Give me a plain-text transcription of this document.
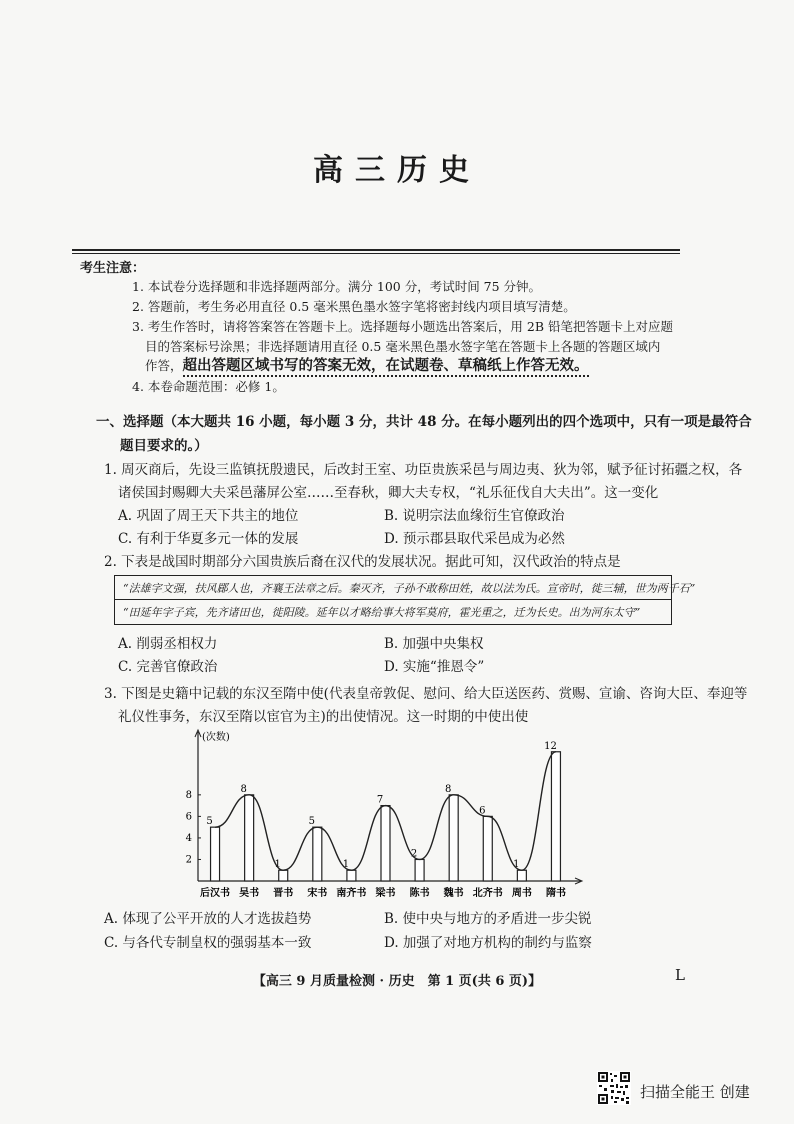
高三历史
考生注意：
1. 本试卷分选择题和非选择题两部分。满分 100 分，考试时间 75 分钟。
2. 答题前，考生务必用直径 0.5 毫米黑色墨水签字笔将密封线内项目填写清楚。
3. 考生作答时，请将答案答在答题卡上。选择题每小题选出答案后，用 2B 铅笔把答题卡上对应题
目的答案标号涂黑；非选择题请用直径 0.5 毫米黑色墨水签字笔在答题卡上各题的答题区域内
作答，超出答题区域书写的答案无效，在试题卷、草稿纸上作答无效。
4. 本卷命题范围：必修 1。
一、选择题（本大题共 16 小题，每小题 3 分，共计 48 分。在每小题列出的四个选项中，只有一项是最符合
题目要求的。）
1. 周灭商后，先设三监镇抚殷遗民，后改封王室、功臣贵族采邑与周边夷、狄为邻，赋予征讨拓疆之权，各
诸侯国封赐卿大夫采邑藩屏公室……至春秋，卿大夫专权，“礼乐征伐自大夫出”。这一变化
A. 巩固了周王天下共主的地位	B. 说明宗法血缘衍生官僚政治
C. 有利于华夏多元一体的发展	D. 预示郡县取代采邑成为必然
2. 下表是战国时期部分六国贵族后裔在汉代的发展状况。据此可知，汉代政治的特点是
“法雄字文强，扶风郿人也，齐襄王法章之后。秦灭齐，子孙不敢称田姓，故以法为氏。宣帝时，徙三辅，世为两千石”
“田延年字子宾，先齐诸田也，徙阳陵。延年以才略给事大将军莫府，霍光重之，迁为长史。出为河东太守”
A. 削弱丞相权力	B. 加强中央集权
C. 完善官僚政治	D. 实施“推恩令”
3. 下图是史籍中记载的东汉至隋中使(代表皇帝敦促、慰问、给大臣送医药、赏赐、宣谕、咨询大臣、奉迎等
礼仪性事务，东汉至隋以宦官为主)的出使情况。这一时期的中使出使
(次数)
2
4
6
8
5
后汉书
8
吴书
1
晋书
5
宋书
1
南齐书
7
梁书
2
陈书
8
魏书
6
北齐书
1
周书
12
隋书
A. 体现了公平开放的人才选拔趋势	B. 使中央与地方的矛盾进一步尖锐
C. 与各代专制皇权的强弱基本一致	D. 加强了对地方机构的制约与监察
【高三 9 月质量检测 · 历史　第 1 页(共 6 页)】	L
扫描全能王 创建
